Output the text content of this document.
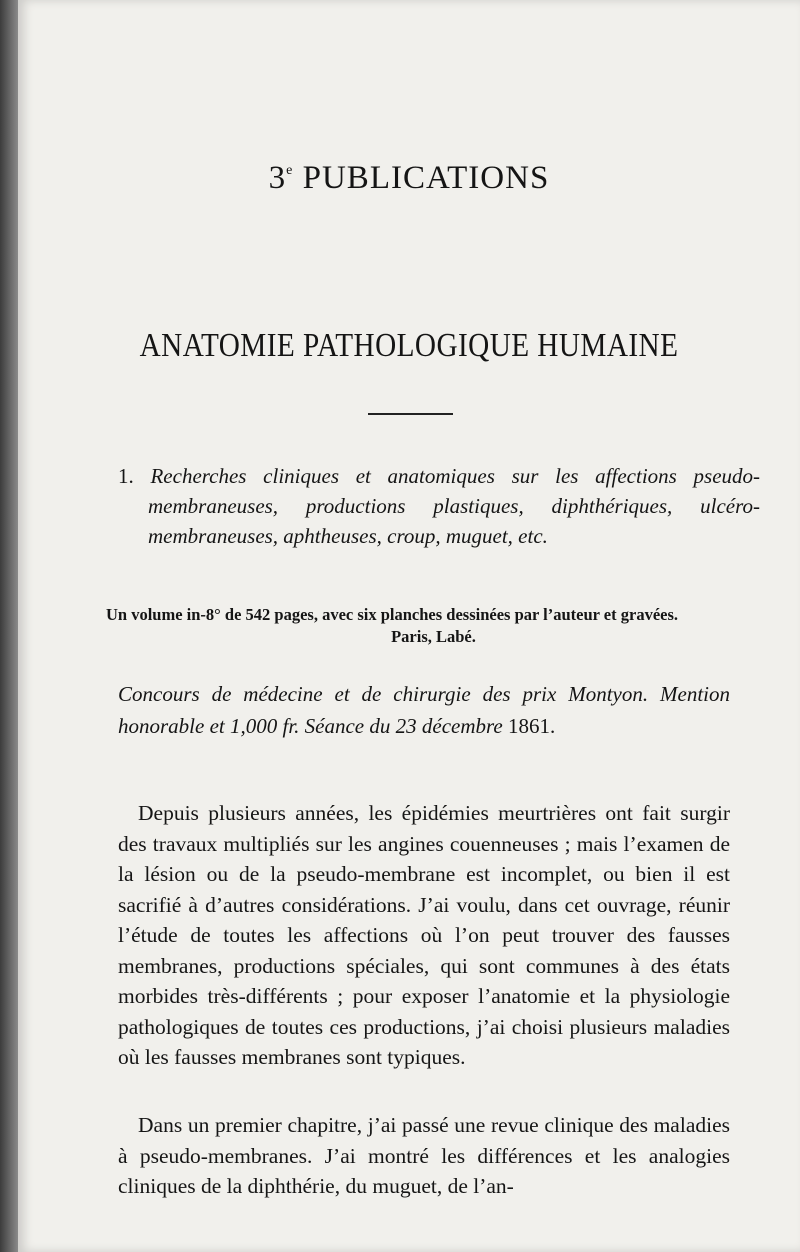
3e PUBLICATIONS
ANATOMIE PATHOLOGIQUE HUMAINE
1. Recherches cliniques et anatomiques sur les affections pseudo-membraneuses, productions plastiques, diphthériques, ulcéro-membraneuses, aphtheuses, croup, muguet, etc.
Un volume in-8° de 542 pages, avec six planches dessinées par l’auteur et gravées.
Paris, Labé.
Concours de médecine et de chirurgie des prix Montyon. Mention honorable et 1,000 fr. Séance du 23 décembre 1861.

Depuis plusieurs années, les épidémies meurtrières ont fait surgir des travaux multipliés sur les angines couenneuses ; mais l’examen de la lésion ou de la pseudo-membrane est incomplet, ou bien il est sacrifié à d’autres considérations. J’ai voulu, dans cet ouvrage, réunir l’étude de toutes les affections où l’on peut trouver des fausses membranes, productions spéciales, qui sont communes à des états morbides très-différents ; pour exposer l’anatomie et la physiologie pathologiques de toutes ces productions, j’ai choisi plusieurs maladies où les fausses membranes sont typiques.

Dans un premier chapitre, j’ai passé une revue clinique des maladies à pseudo-membranes. J’ai montré les différences et les analogies cliniques de la diphthérie, du muguet, de l’an-
